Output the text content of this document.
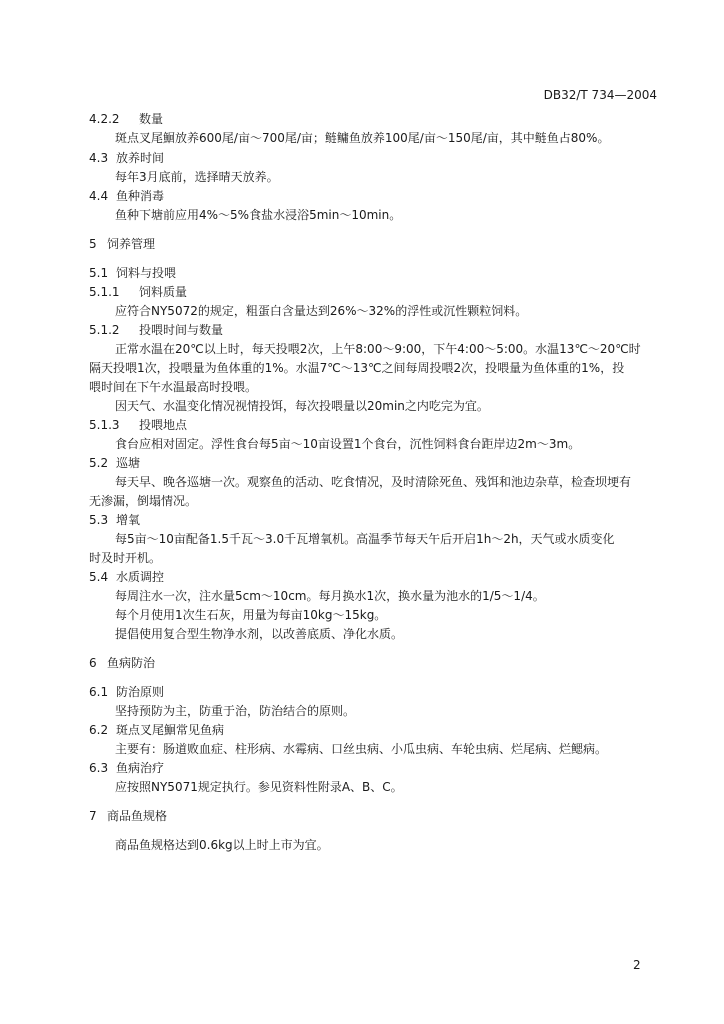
DB32/T 734—2004
4.2.2 数量
斑点叉尾鮰放养600尾/亩～700尾/亩；鲢鳙鱼放养100尾/亩～150尾/亩，其中鲢鱼占80%。
4.3 放养时间
每年3月底前，选择晴天放养。
4.4 鱼种消毒
鱼种下塘前应用4%～5%食盐水浸浴5min～10min。
5 饲养管理
5.1 饲料与投喂
5.1.1 饲料质量
应符合NY5072的规定，粗蛋白含量达到26%～32%的浮性或沉性颗粒饲料。
5.1.2 投喂时间与数量
正常水温在20℃以上时，每天投喂2次，上午8:00～9:00，下午4:00～5:00。水温13℃～20℃时
隔天投喂1次，投喂量为鱼体重的1%。水温7℃～13℃之间每周投喂2次，投喂量为鱼体重的1%，投
喂时间在下午水温最高时投喂。
因天气、水温变化情况视情投饵，每次投喂量以20min之内吃完为宜。
5.1.3 投喂地点
食台应相对固定。浮性食台每5亩～10亩设置1个食台，沉性饲料食台距岸边2m～3m。
5.2 巡塘
每天早、晚各巡塘一次。观察鱼的活动、吃食情况，及时清除死鱼、残饵和池边杂草，检查坝埂有
无渗漏，倒塌情况。
5.3 增氧
每5亩～10亩配备1.5千瓦～3.0千瓦增氧机。高温季节每天午后开启1h～2h，天气或水质变化
时及时开机。
5.4 水质调控
每周注水一次，注水量5cm～10cm。每月换水1次，换水量为池水的1/5～1/4。
每个月使用1次生石灰，用量为每亩10kg～15kg。
提倡使用复合型生物净水剂，以改善底质、净化水质。
6 鱼病防治
6.1 防治原则
坚持预防为主，防重于治，防治结合的原则。
6.2 斑点叉尾鮰常见鱼病
主要有：肠道败血症、柱形病、水霉病、口丝虫病、小瓜虫病、车轮虫病、烂尾病、烂鳃病。
6.3 鱼病治疗
应按照NY5071规定执行。参见资料性附录A、B、C。
7 商品鱼规格
商品鱼规格达到0.6kg以上时上市为宜。
2
